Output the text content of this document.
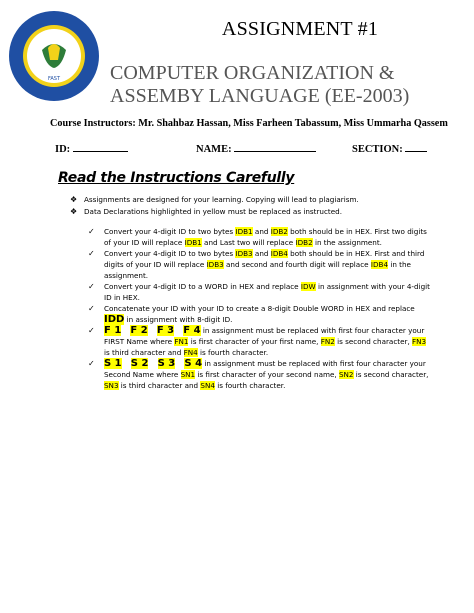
FAST
ASSIGNMENT #1
COMPUTER ORGANIZATION &
ASSEMBY LANGUAGE (EE-2003)
Course Instructors: Mr. Shahbaz Hassan, Miss Farheen Tabassum, Miss Ummarha Qassem
ID:	NAME:	SECTION:
Read the Instructions Carefully
❖ Assignments are designed for your learning. Copying will lead to plagiarism.
❖ Data Declarations highlighted in yellow must be replaced as instructed.
✓ Convert your 4-digit ID to two bytes IDB1 and IDB2 both should be in HEX. First two digits of your ID will replace IDB1 and Last two will replace IDB2 in the assignment.
✓ Convert your 4-digit ID to two bytes IDB3 and IDB4 both should be in HEX. First and third digits of your ID will replace IDB3 and second and fourth digit will replace IDB4 in the assignment.
✓ Convert your 4-digit ID to a WORD in HEX and replace IDW in assignment with your 4-digit ID in HEX.
✓ Concatenate your ID with your ID to create a 8-digit Double WORD in HEX and replace
IDD in assignment with 8-digit ID.
✓ F 1 F 2 F 3 F 4 in assignment must be replaced with first four character your FIRST Name where FN1 is first character of your first name, FN2 is second character, FN3 is third character and FN4 is fourth character.
✓ S 1 S 2 S 3 S 4 in assignment must be replaced with first four character your Second Name where SN1 is first character of your second name, SN2 is second character, SN3 is third character and SN4 is fourth character.
